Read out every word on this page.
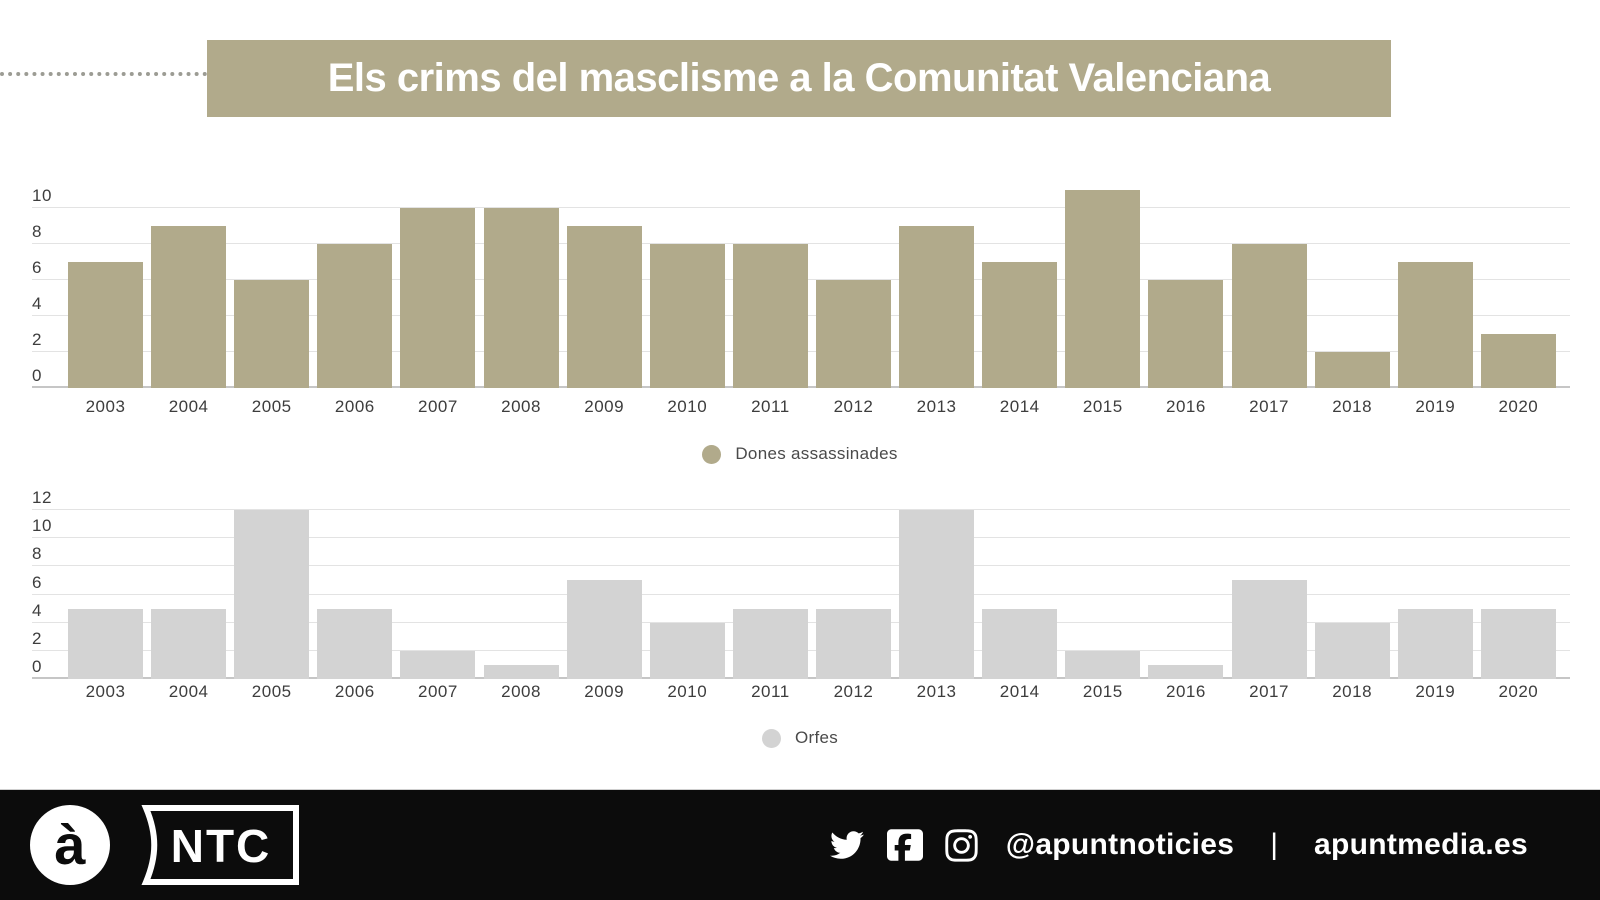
Els crims del masclisme a la Comunitat Valenciana
0
2
4
6
8
10
2003	2004	2005	2006	2007	2008	2009	2010	2011	2012	2013	2014	2015	2016	2017	2018	2019	2020
Dones assassinades
0
2
4
6
8
10
12
2003	2004	2005	2006	2007	2008	2009	2010	2011	2012	2013	2014	2015	2016	2017	2018	2019	2020
Orfes
à NTC	@apuntnoticies | apuntmedia.es
